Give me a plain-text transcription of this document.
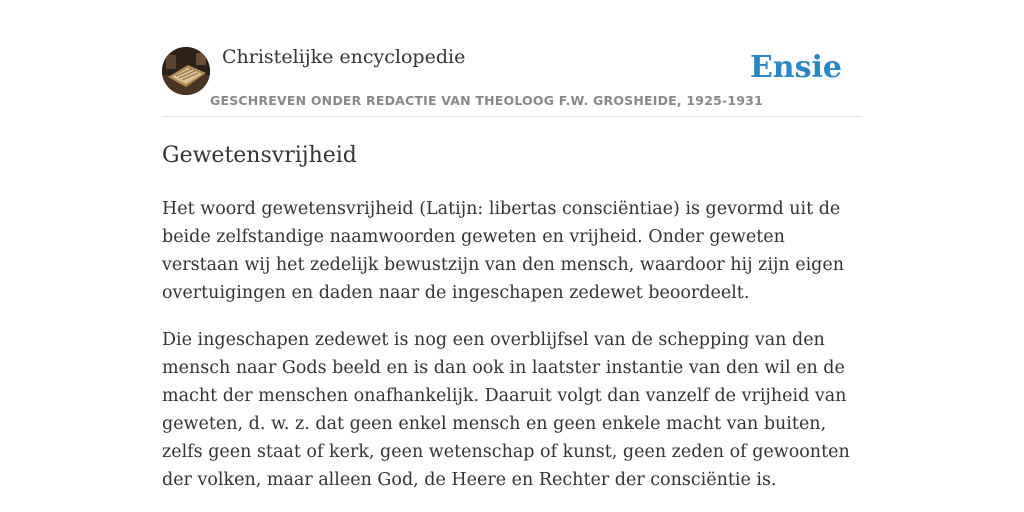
Christelijke encyclopedie
GESCHREVEN ONDER REDACTIE VAN THEOLOOG F.W. GROSHEIDE, 1925-1931
Ensie
Gewetensvrijheid

Het woord gewetensvrijheid (Latijn: libertas consciëntiae) is gevormd uit de beide zelfstandige naamwoorden geweten en vrijheid. Onder geweten verstaan wij het zedelijk bewustzijn van den mensch, waardoor hij zijn eigen overtuigingen en daden naar de ingeschapen zedewet beoordeelt.

Die ingeschapen zedewet is nog een overblijfsel van de schepping van den mensch naar Gods beeld en is dan ook in laatster instantie van den wil en de macht der menschen onafhankelijk. Daaruit volgt dan vanzelf de vrijheid van geweten, d. w. z. dat geen enkel mensch en geen enkele macht van buiten, zelfs geen staat of kerk, geen wetenschap of kunst, geen zeden of gewoonten der volken, maar alleen God, de Heere en Rechter der consciëntie is.
